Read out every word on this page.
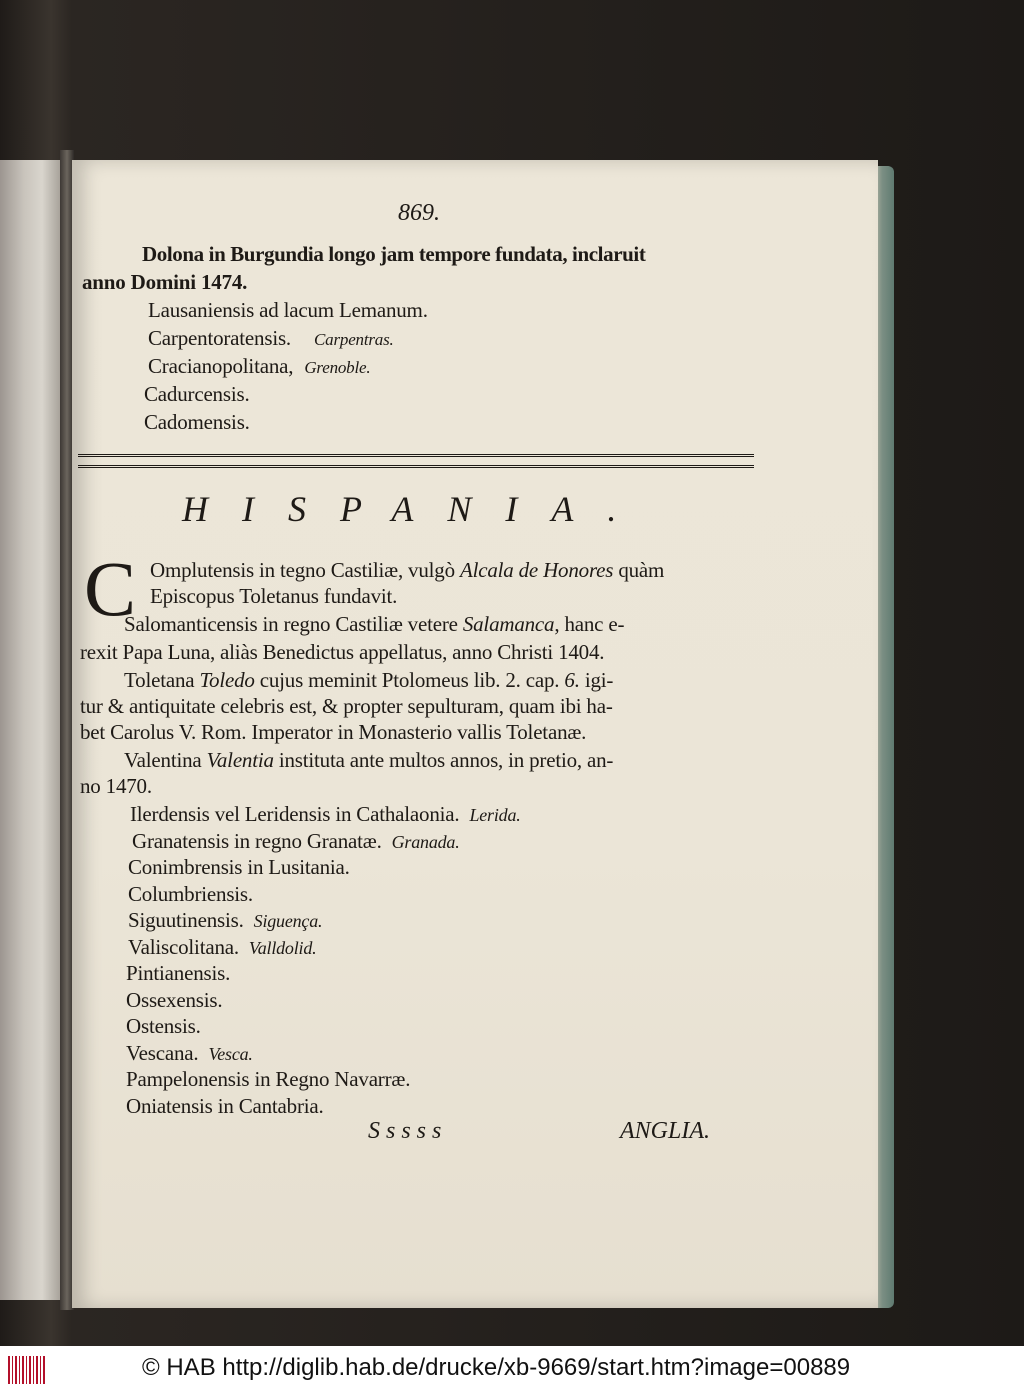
869.
Dolona in Burgundia longo jam tempore fundata, inclaruit
anno Domini 1474.
Lausaniensis ad lacum Lemanum.
Carpentoratensis. Carpentras.
Cracianopolitana, Grenoble.
Cadurcensis.
Cadomensis.
HISPANIA.
C Omplutensis in tegno Castiliæ, vulgò Alcala de Honores quàm
Episcopus Toletanus fundavit.
Salomanticensis in regno Castiliæ vetere Salamanca, hanc e-
rexit Papa Luna, aliàs Benedictus appellatus, anno Christi 1404.
Toletana Toledo cujus meminit Ptolomeus lib. 2. cap. 6. igi-
tur & antiquitate celebris est, & propter sepulturam, quam ibi ha-
bet Carolus V. Rom. Imperator in Monasterio vallis Toletanæ.
Valentina Valentia instituta ante multos annos, in pretio, an-
no 1470.
Ilerdensis vel Leridensis in Cathalaonia. Lerida.
Granatensis in regno Granatæ. Granada.
Conimbrensis in Lusitania.
Columbriensis.
Siguutinensis. Siguença.
Valiscolitana. Valldolid.
Pintianensis.
Ossexensis.
Ostensis.
Vescana. Vesca.
Pampelonensis in Regno Navarræ.
Oniatensis in Cantabria.
Sssss	ANGLIA.
© HAB http://diglib.hab.de/drucke/xb-9669/start.htm?image=00889
